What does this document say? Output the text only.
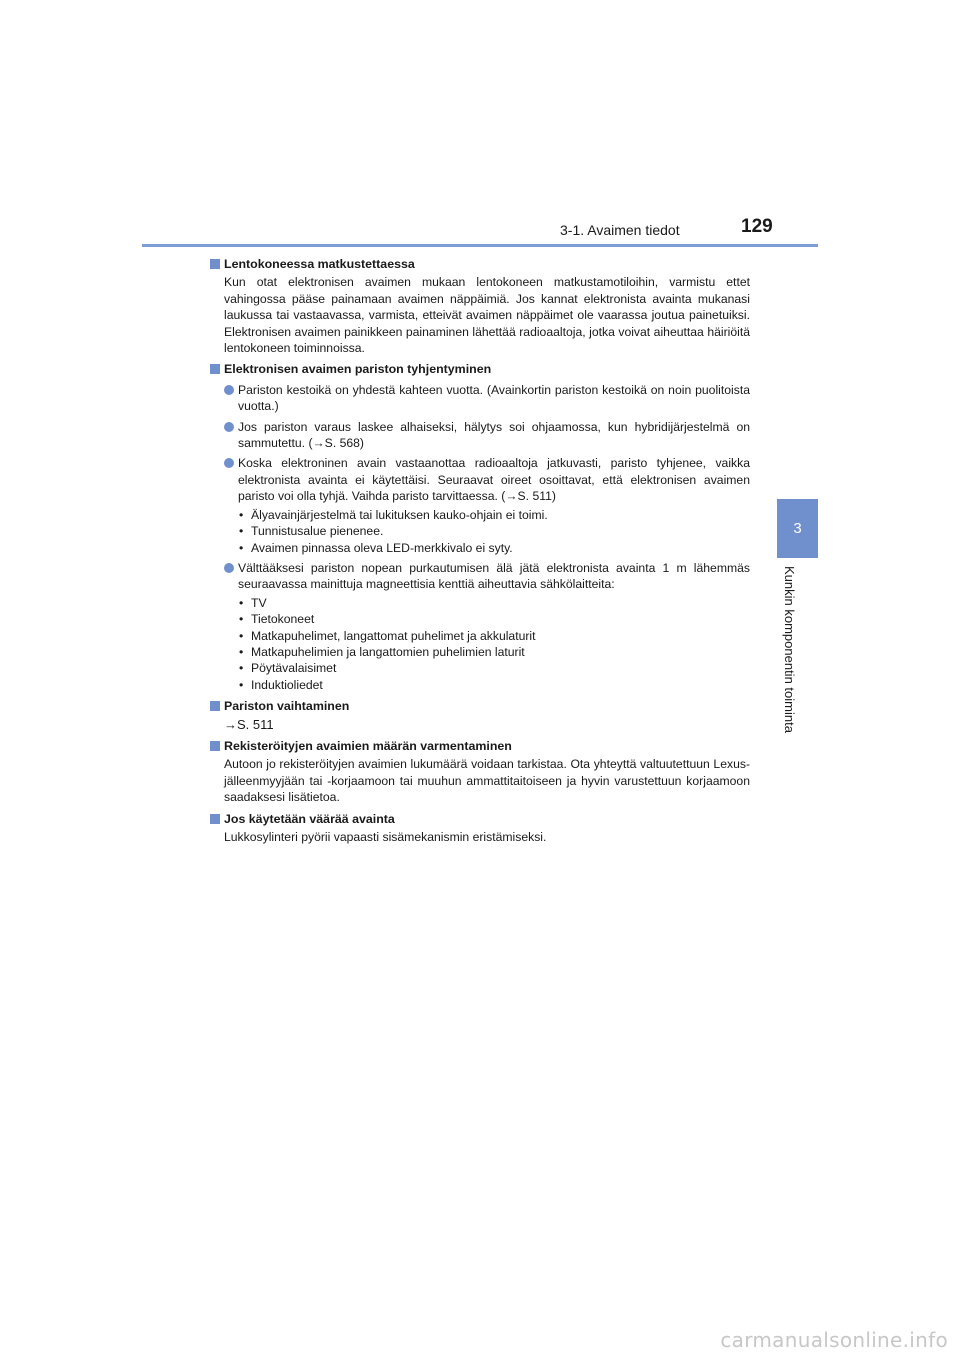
3-1. Avaimen tiedot	129
3
Kunkin komponentin toiminta
Lentokoneessa matkustettaessa
Kun otat elektronisen avaimen mukaan lentokoneen matkustamotiloihin, varmistu ettet vahingossa pääse painamaan avaimen näppäimiä. Jos kannat elektronista avainta mukanasi laukussa tai vastaavassa, varmista, etteivät avaimen näppäimet ole vaarassa joutua painetuiksi. Elektronisen avaimen painikkeen painaminen lähettää radioaaltoja, jotka voivat aiheuttaa häiriöitä lentokoneen toiminnoissa.
Elektronisen avaimen pariston tyhjentyminen
Pariston kestoikä on yhdestä kahteen vuotta. (Avainkortin pariston kestoikä on noin puolitoista vuotta.)
Jos pariston varaus laskee alhaiseksi, hälytys soi ohjaamossa, kun hybridijärjestelmä on sammutettu. (→S. 568)
Koska elektroninen avain vastaanottaa radioaaltoja jatkuvasti, paristo tyhjenee, vaikka elektronista avainta ei käytettäisi. Seuraavat oireet osoittavat, että elektronisen avaimen paristo voi olla tyhjä. Vaihda paristo tarvittaessa. (→S. 511)
• Älyavainjärjestelmä tai lukituksen kauko-ohjain ei toimi.
• Tunnistusalue pienenee.
• Avaimen pinnassa oleva LED-merkkivalo ei syty.
Välttääksesi pariston nopean purkautumisen älä jätä elektronista avainta 1 m lähemmäs seuraavassa mainittuja magneettisia kenttiä aiheuttavia sähkölaitteita:
• TV
• Tietokoneet
• Matkapuhelimet, langattomat puhelimet ja akkulaturit
• Matkapuhelimien ja langattomien puhelimien laturit
• Pöytävalaisimet
• Induktioliedet
Pariston vaihtaminen
→S. 511
Rekisteröityjen avaimien määrän varmentaminen
Autoon jo rekisteröityjen avaimien lukumäärä voidaan tarkistaa. Ota yhteyttä valtuutettuun Lexus-jälleenmyyjään tai -korjaamoon tai muuhun ammattitaitoiseen ja hyvin varustettuun korjaamoon saadaksesi lisätietoa.
Jos käytetään väärää avainta
Lukkosylinteri pyörii vapaasti sisämekanismin eristämiseksi.
carmanualsonline.info
